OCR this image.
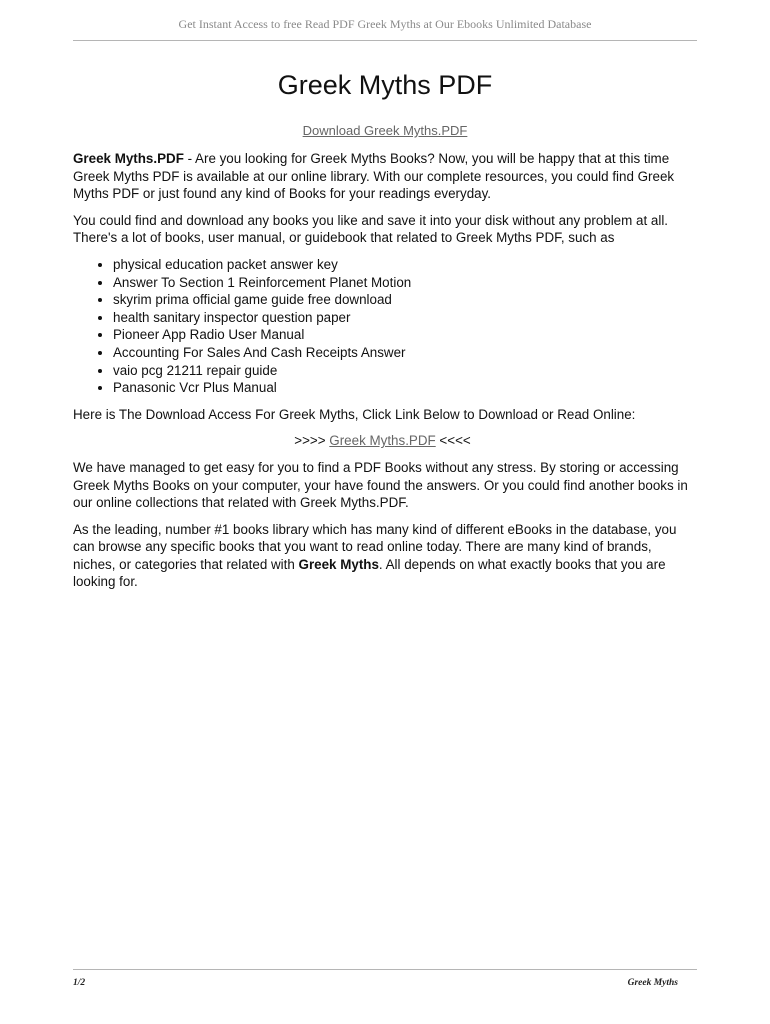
Get Instant Access to free Read PDF Greek Myths at Our Ebooks Unlimited Database
Greek Myths PDF
Download Greek Myths.PDF

Greek Myths.PDF - Are you looking for Greek Myths Books? Now, you will be happy that at this time Greek Myths PDF is available at our online library. With our complete resources, you could find Greek Myths PDF or just found any kind of Books for your readings everyday.

You could find and download any books you like and save it into your disk without any problem at all. There's a lot of books, user manual, or guidebook that related to Greek Myths PDF, such as

• physical education packet answer key
• Answer To Section 1 Reinforcement Planet Motion
• skyrim prima official game guide free download
• health sanitary inspector question paper
• Pioneer App Radio User Manual
• Accounting For Sales And Cash Receipts Answer
• vaio pcg 21211 repair guide
• Panasonic Vcr Plus Manual

Here is The Download Access For Greek Myths, Click Link Below to Download or Read Online:

>>>> Greek Myths.PDF <<<<

We have managed to get easy for you to find a PDF Books without any stress. By storing or accessing Greek Myths Books on your computer, your have found the answers. Or you could find another books in our online collections that related with Greek Myths.PDF.

As the leading, number #1 books library which has many kind of different eBooks in the database, you can browse any specific books that you want to read online today. There are many kind of brands, niches, or categories that related with Greek Myths. All depends on what exactly books that you are looking for.

1/2	Greek Myths
